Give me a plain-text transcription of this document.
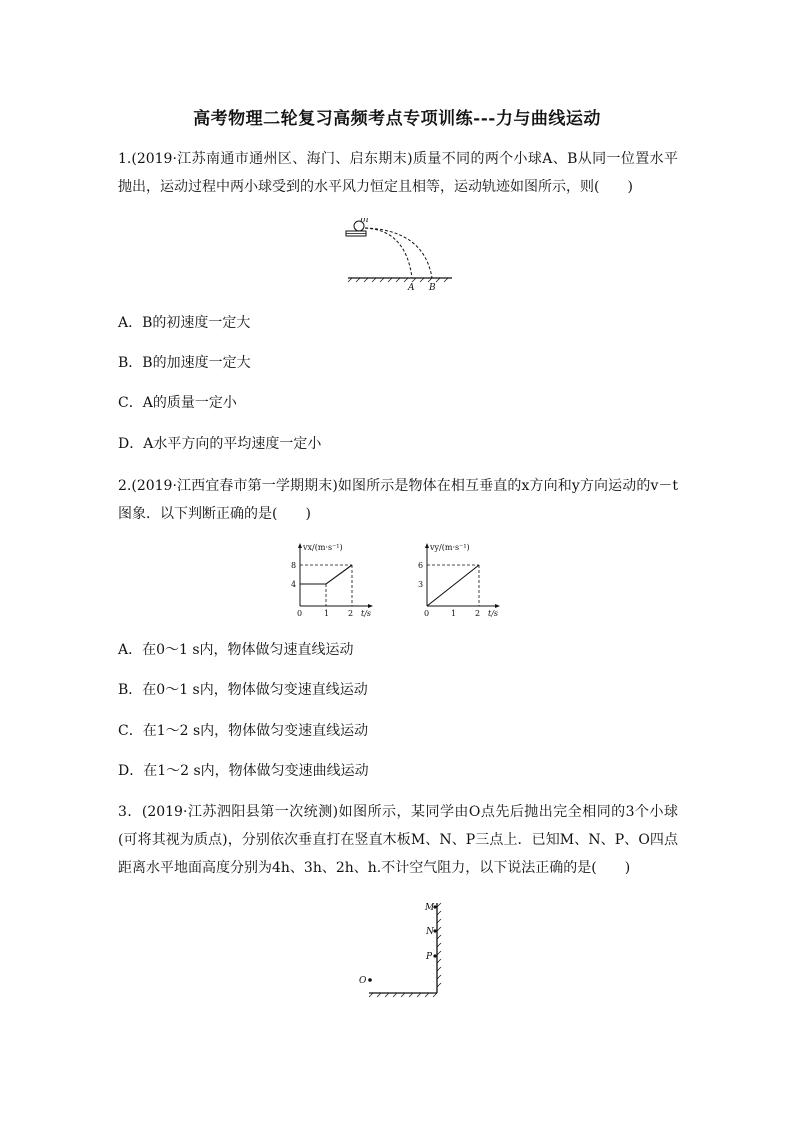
高考物理二轮复习高频考点专项训练---力与曲线运动
1.(2019·江苏南通市通州区、海门、启东期末)质量不同的两个小球A、B从同一位置水平抛出，运动过程中两小球受到的水平风力恒定且相等，运动轨迹如图所示，则(　　)
m
A B
A．B的初速度一定大
B．B的加速度一定大
C．A的质量一定小
D．A水平方向的平均速度一定小
2.(2019·江西宜春市第一学期期末)如图所示是物体在相互垂直的x方向和y方向运动的v－t图象．以下判断正确的是(　　)
vx/(m·s⁻¹)
t/s
8
4
0	1 2
vy/(m·s⁻¹)
t/s
6
3
0	1 2
A．在0～1 s内，物体做匀速直线运动
B．在0～1 s内，物体做匀变速直线运动
C．在1～2 s内，物体做匀变速直线运动
D．在1～2 s内，物体做匀变速曲线运动
3．(2019·江苏泗阳县第一次统测)如图所示，某同学由O点先后抛出完全相同的3个小球(可将其视为质点)，分别依次垂直打在竖直木板M、N、P三点上．已知M、N、P、O四点距离水平地面高度分别为4h、3h、2h、h.不计空气阻力，以下说法正确的是(　　)
M
N
P
O
